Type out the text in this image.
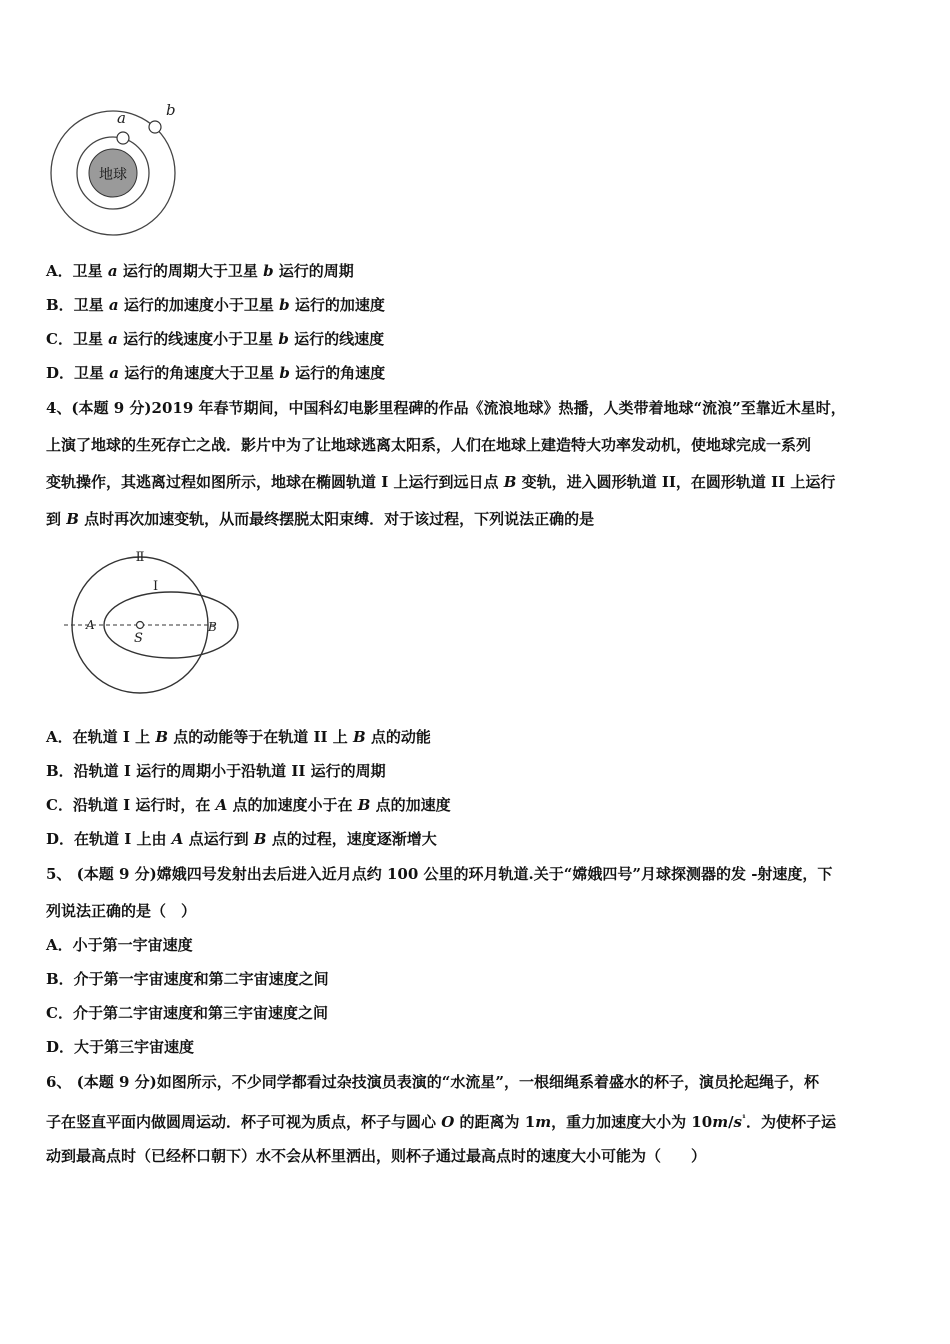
地球
a	b
A．卫星 a 运行的周期大于卫星 b 运行的周期
B．卫星 a 运行的加速度小于卫星 b 运行的加速度
C．卫星 a 运行的线速度小于卫星 b 运行的线速度
D．卫星 a 运行的角速度大于卫星 b 运行的角速度
4、(本题 9 分)2019 年春节期间，中国科幻电影里程碑的作品《流浪地球》热播，人类带着地球“流浪”至靠近木星时，
上演了地球的生死存亡之战．影片中为了让地球逃离太阳系，人们在地球上建造特大功率发动机，使地球完成一系列
变轨操作，其逃离过程如图所示，地球在椭圆轨道 I 上运行到远日点 B 变轨，进入圆形轨道 II，在圆形轨道 II 上运行
到 B 点时再次加速变轨，从而最终摆脱太阳束缚．对于该过程，下列说法正确的是
Ⅱ
I
A
S
B
A．在轨道 I 上 B 点的动能等于在轨道 II 上 B 点的动能
B．沿轨道 I 运行的周期小于沿轨道 II 运行的周期
C．沿轨道 I 运行时，在 A 点的加速度小于在 B 点的加速度
D．在轨道 I 上由 A 点运行到 B 点的过程，速度逐渐增大
5、 (本题 9 分)嫦娥四号发射出去后进入近月点约 100 公里的环月轨道.关于“嫦娥四号”月球探测器的发 -射速度，下
列说法正确的是（　）
A．小于第一宇宙速度
B．介于第一宇宙速度和第二宇宙速度之间
C．介于第二宇宙速度和第三宇宙速度之间
D．大于第三宇宙速度
6、 (本题 9 分)如图所示，不少同学都看过杂技演员表演的“水流星”，一根细绳系着盛水的杯子，演员抡起绳子，杯
子在竖直平面内做圆周运动．杯子可视为质点，杯子与圆心 O 的距离为 1m，重力加速度大小为 $10m/s^{^1}$．为使杯子运
动到最高点时（已经杯口朝下）水不会从杯里洒出，则杯子通过最高点时的速度大小可能为（　　）
